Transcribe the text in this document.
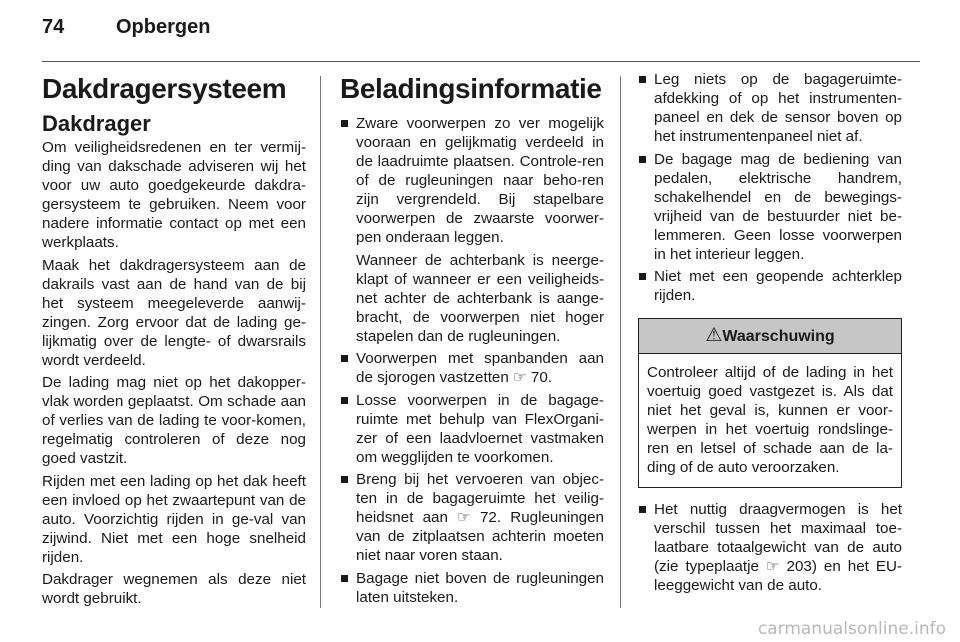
74	Opbergen
Dakdragersysteem
Dakdrager

Om veiligheidsredenen en ter vermij-ding van dakschade adviseren wij het voor uw auto goedgekeurde dakdra-gersysteem te gebruiken. Neem voor nadere informatie contact op met een werkplaats.

Maak het dakdragersysteem aan de dakrails vast aan de hand van de bij het systeem meegeleverde aanwij-zingen. Zorg ervoor dat de lading ge-lijkmatig over de lengte- of dwarsrails wordt verdeeld.

De lading mag niet op het dakopper-vlak worden geplaatst. Om schade aan of verlies van de lading te voor-komen, regelmatig controleren of deze nog goed vastzit.

Rijden met een lading op het dak heeft een invloed op het zwaartepunt van de auto. Voorzichtig rijden in ge-val van zijwind. Niet met een hoge snelheid rijden.

Dakdrager wegnemen als deze niet wordt gebruikt.

Beladingsinformatie
Zware voorwerpen zo ver mogelijk vooraan en gelijkmatig verdeeld in de laadruimte plaatsen. Controle-ren of de rugleuningen naar beho-ren zijn vergrendeld. Bij stapelbare voorwerpen de zwaarste voorwer-pen onderaan leggen.
Wanneer de achterbank is neerge-klapt of wanneer er een veiligheids-net achter de achterbank is aange-bracht, de voorwerpen niet hoger stapelen dan de rugleuningen.
Voorwerpen met spanbanden aan de sjorogen vastzetten ☞ 70.
Losse voorwerpen in de bagage-ruimte met behulp van FlexOrgani-zer of een laadvloernet vastmaken om wegglijden te voorkomen.
Breng bij het vervoeren van objec-ten in de bagageruimte het veilig-heidsnet aan ☞ 72. Rugleuningen van de zitplaatsen achterin moeten niet naar voren staan.
Bagage niet boven de rugleuningen laten uitsteken.
Leg niets op de bagageruimte-afdekking of op het instrumenten-paneel en dek de sensor boven op het instrumentenpaneel niet af.
De bagage mag de bediening van pedalen, elektrische handrem, schakelhendel en de bewegings-vrijheid van de bestuurder niet be-lemmeren. Geen losse voorwerpen in het interieur leggen.
Niet met een geopende achterklep rijden.
⚠Waarschuwing
Controleer altijd of de lading in het voertuig goed vastgezet is. Als dat niet het geval is, kunnen er voor-werpen in het voertuig rondslinge-ren en letsel of schade aan de la-ding of de auto veroorzaken.
Het nuttig draagvermogen is het verschil tussen het maximaal toe-laatbare totaalgewicht van de auto (zie typeplaatje ☞ 203) en het EU- leeggewicht van de auto.
carmanualsonline.info
